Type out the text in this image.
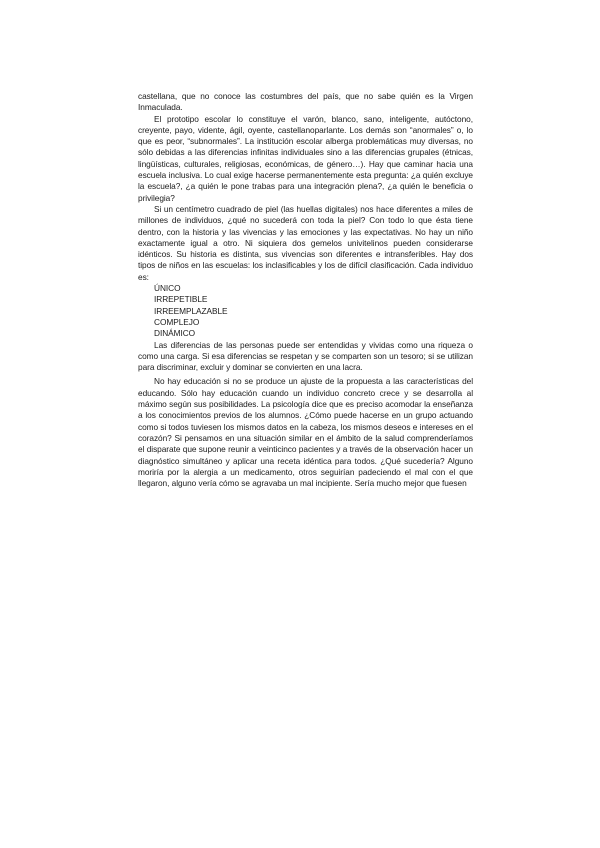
castellana, que no conoce las costumbres del país, que no sabe quién es la Virgen Inmaculada.

El prototipo escolar lo constituye el varón, blanco, sano, inteligente, autóctono, creyente, payo, vidente, ágil, oyente, castellanoparlante. Los demás son “anormales” o, lo que es peor, “subnormales”. La institución escolar alberga problemáticas muy diversas, no sólo debidas a las diferencias infinitas individuales sino a las diferencias grupales (étnicas, lingüísticas, culturales, religiosas, económicas, de género…). Hay que caminar hacia una escuela inclusiva. Lo cual exige hacerse permanentemente esta pregunta: ¿a quién excluye la escuela?, ¿a quién le pone trabas para una integración plena?, ¿a quién le beneficia o privilegia?

Si un centímetro cuadrado de piel (las huellas digitales) nos hace diferentes a miles de millones de individuos, ¿qué no sucederá con toda la piel? Con todo lo que ésta tiene dentro, con la historia y las vivencias y las emociones y las expectativas. No hay un niño exactamente igual a otro. Ni siquiera dos gemelos univitelinos pueden considerarse idénticos. Su historia es distinta, sus vivencias son diferentes e intransferibles. Hay dos tipos de niños en las escuelas: los inclasificables y los de difícil clasificación. Cada individuo es:

ÚNICO
IRREPETIBLE
IRREEMPLAZABLE
COMPLEJO
DINÁMICO

Las diferencias de las personas puede ser entendidas y vividas como una riqueza o como una carga. Si esa diferencias se respetan y se comparten son un tesoro; si se utilizan para discriminar, excluir y dominar se convierten en una lacra.

No hay educación si no se produce un ajuste de la propuesta a las características del educando. Sólo hay educación cuando un individuo concreto crece y se desarrolla al máximo según sus posibilidades. La psicología dice que es preciso acomodar la enseñanza a los conocimientos previos de los alumnos. ¿Cómo puede hacerse en un grupo actuando como si todos tuviesen los mismos datos en la cabeza, los mismos deseos e intereses en el corazón? Si pensamos en una situación similar en el ámbito de la salud comprenderíamos el disparate que supone reunir a veinticinco pacientes y a través de la observación hacer un diagnóstico simultáneo y aplicar una receta idéntica para todos. ¿Qué sucedería? Alguno moriría por la alergia a un medicamento, otros seguirían padeciendo el mal con el que llegaron, alguno vería cómo se agravaba un mal incipiente. Sería mucho mejor que fuesen
